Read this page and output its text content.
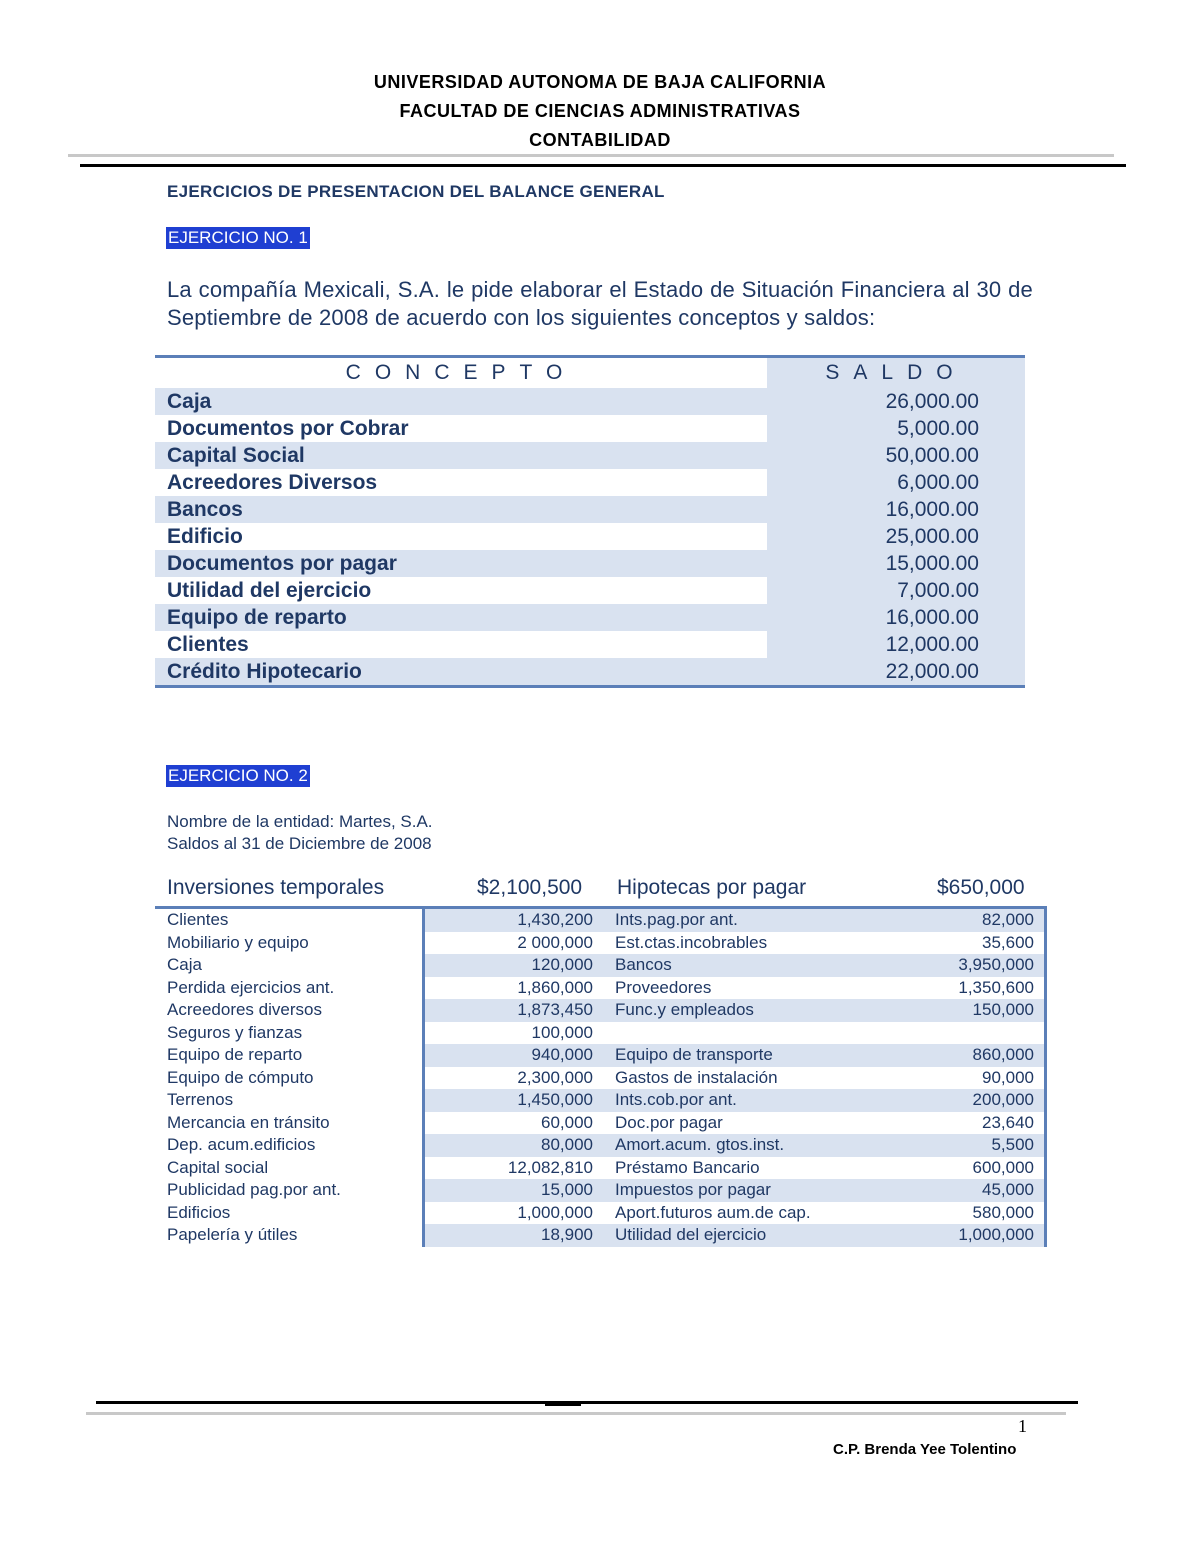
UNIVERSIDAD AUTONOMA DE BAJA CALIFORNIA
FACULTAD DE CIENCIAS ADMINISTRATIVAS
CONTABILIDAD
EJERCICIOS DE PRESENTACION DEL BALANCE GENERAL
EJERCICIO NO. 1
La compañía Mexicali, S.A. le pide elaborar el Estado de Situación Financiera al 30 de Septiembre de 2008 de acuerdo con los siguientes conceptos y saldos:
CONCEPTO	SALDO
Caja	26,000.00
Documentos por Cobrar	5,000.00
Capital Social	50,000.00
Acreedores Diversos	6,000.00
Bancos	16,000.00
Edificio	25,000.00
Documentos por pagar	15,000.00
Utilidad del ejercicio	7,000.00
Equipo de reparto	16,000.00
Clientes	12,000.00
Crédito Hipotecario	22,000.00
EJERCICIO NO. 2
Nombre de la entidad: Martes, S.A.
Saldos al 31 de Diciembre de 2008
Inversiones temporales	$2,100,500 Hipotecas por pagar	$650,000
Clientes	1,430,200	Ints.pag.por ant.	82,000
Mobiliario y equipo	2 000,000	Est.ctas.incobrables	35,600
Caja	120,000	Bancos	3,950,000
Perdida ejercicios ant.	1,860,000	Proveedores	1,350,600
Acreedores diversos	1,873,450	Func.y empleados	150,000
Seguros y fianzas	100,000
Equipo de reparto	940,000	Equipo de transporte	860,000
Equipo de cómputo	2,300,000	Gastos de instalación	90,000
Terrenos	1,450,000	Ints.cob.por ant.	200,000
Mercancia en tránsito	60,000	Doc.por pagar	23,640
Dep. acum.edificios	80,000	Amort.acum. gtos.inst.	5,500
Capital social	12,082,810	Préstamo Bancario	600,000
Publicidad pag.por ant.	15,000	Impuestos por pagar	45,000
Edificios	1,000,000	Aport.futuros aum.de cap.	580,000
Papelería y útiles	18,900	Utilidad del ejercicio	1,000,000
1
C.P. Brenda Yee Tolentino
